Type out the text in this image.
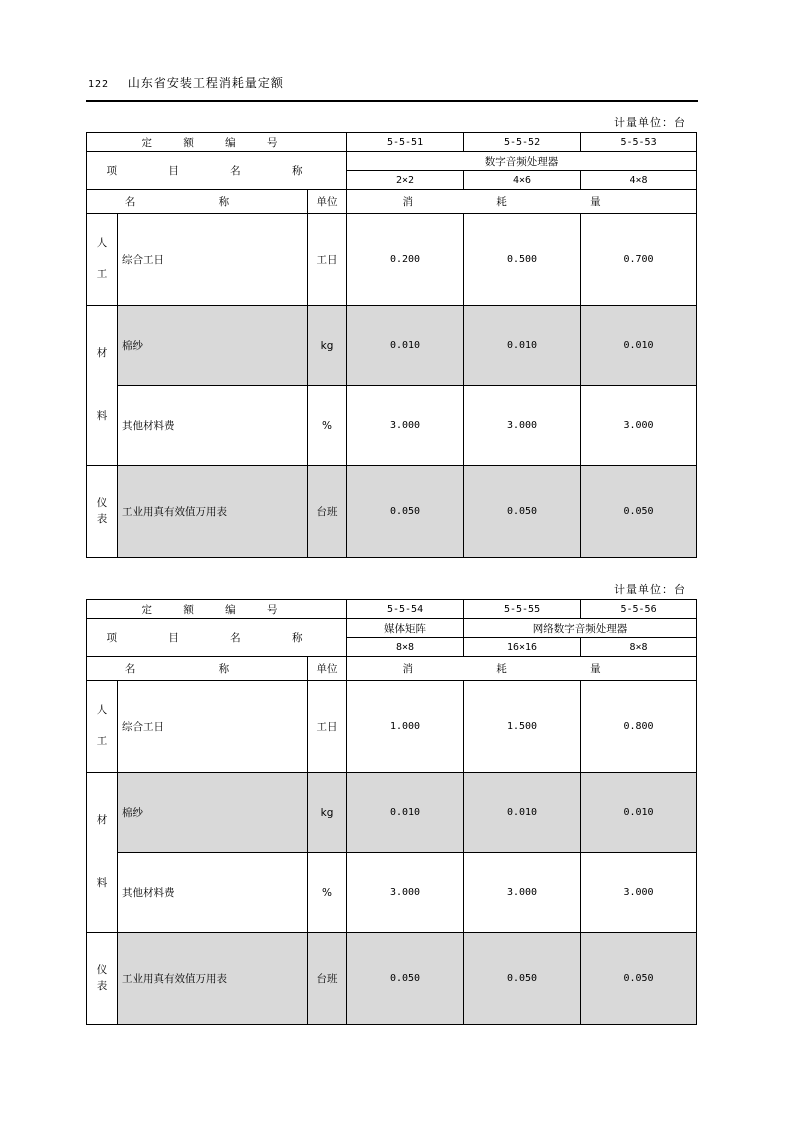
122 山东省安装工程消耗量定额
计量单位：台
定 额 编 号			5-5-51	5-5-52	5-5-53
项 目 名 称			数字音频处理器		
			2×2	4×6	4×8
名 称		单位	消 耗 量		

人

工	综合工日	工日	0.200	0.500	0.700

材

料	棉纱	kg	0.010	0.010	0.010
	其他材料费	%	3.000	3.000	3.000

仪
表	工业用真有效值万用表	台班	0.050	0.050	0.050
计量单位：台
定 额 编 号			5-5-54	5-5-55	5-5-56
项 目 名 称			媒体矩阵	网络数字音频处理器	
			8×8	16×16	8×8
名 称		单位	消 耗 量		

人

工	综合工日	工日	1.000	1.500	0.800

材

料	棉纱	kg	0.010	0.010	0.010
	其他材料费	%	3.000	3.000	3.000

仪
表	工业用真有效值万用表	台班	0.050	0.050	0.050
